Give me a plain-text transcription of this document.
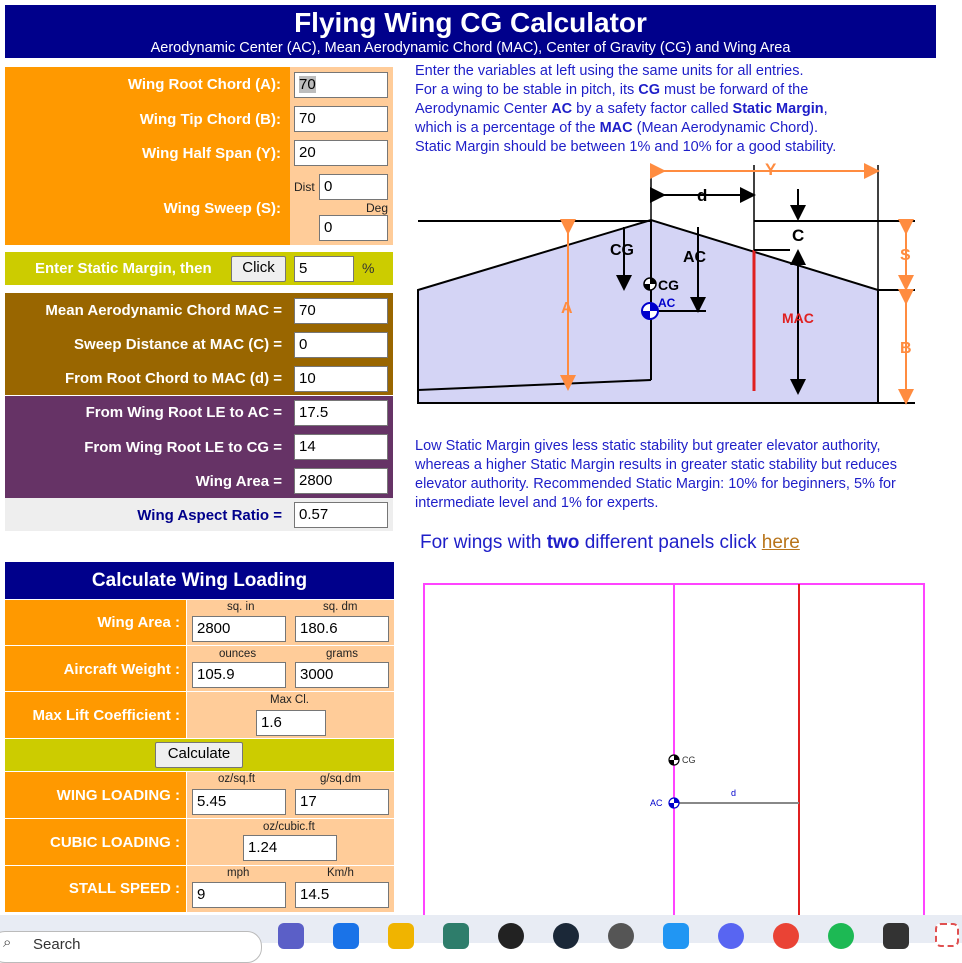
Flying Wing CG Calculator
Aerodynamic Center (AC), Mean Aerodynamic Chord (MAC), Center of Gravity (CG) and Wing Area
Wing Root Chord (A):	70
Wing Tip Chord (B):	70
Wing Half Span (Y):	20
Wing Sweep (S):
Dist 0
Deg
0
Enter Static Margin, then	Click	5	%
Mean Aerodynamic Chord MAC =	70
Sweep Distance at MAC (C) =	0
From Root Chord to MAC (d) =	10
From Wing Root LE to AC =	17.5
From Wing Root LE to CG =	14
Wing Area =	2800
Wing Aspect Ratio =	0.57
Enter the variables at left using the same units for all entries.
For a wing to be stable in pitch, its CG must be forward of the
Aerodynamic Center AC by a safety factor called Static Margin,
which is a percentage of the MAC (Mean Aerodynamic Chord).
Static Margin should be between 1% and 10% for a good stability.
Y
d
C
S
A
B
CG	AC
CG
AC
MAC
Low Static Margin gives less static stability but greater elevator authority, whereas a higher Static Margin results in greater static stability but reduces elevator authority. Recommended Static Margin: 10% for beginners, 5% for intermediate level and 1% for experts.
For wings with two different panels click here
Calculate Wing Loading
Wing Area :
sq. in	sq. dm
2800	180.6
Aircraft Weight :
ounces	grams
105.9	3000
Max Lift Coefficient :
Max Cl.
1.6
Calculate
WING LOADING :
oz/sq.ft	g/sq.dm
5.45	17
CUBIC LOADING :
oz/cubic.ft
1.24
STALL SPEED :
mph	Km/h
9	14.5
CG
AC
d
⌕ Search
